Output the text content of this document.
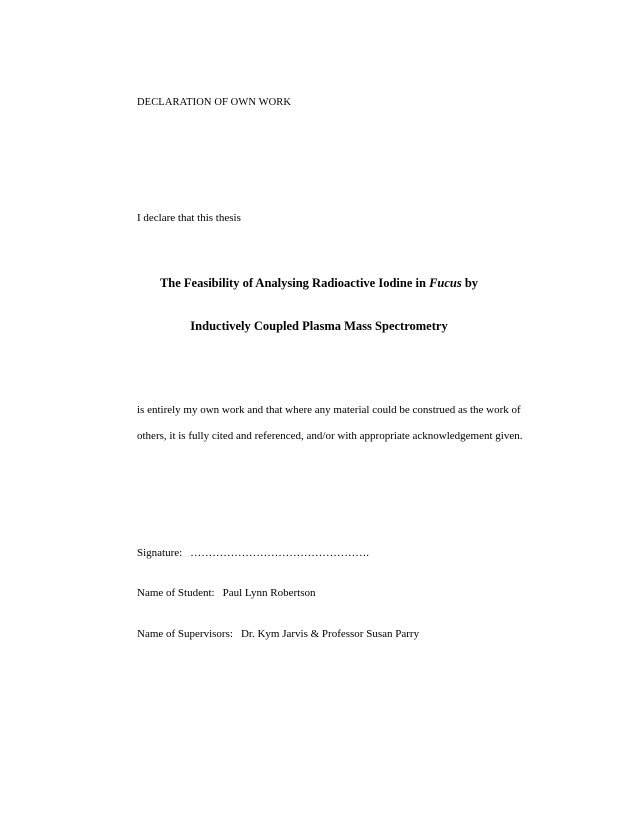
DECLARATION OF OWN WORK
I declare that this thesis
The Feasibility of Analysing Radioactive Iodine in Fucus by
Inductively Coupled Plasma Mass Spectrometry
is entirely my own work and that where any material could be construed as the work of
others, it is fully cited and referenced, and/or with appropriate acknowledgement given.
Signature: ………………………………………….
Name of Student: Paul Lynn Robertson
Name of Supervisors: Dr. Kym Jarvis & Professor Susan Parry
